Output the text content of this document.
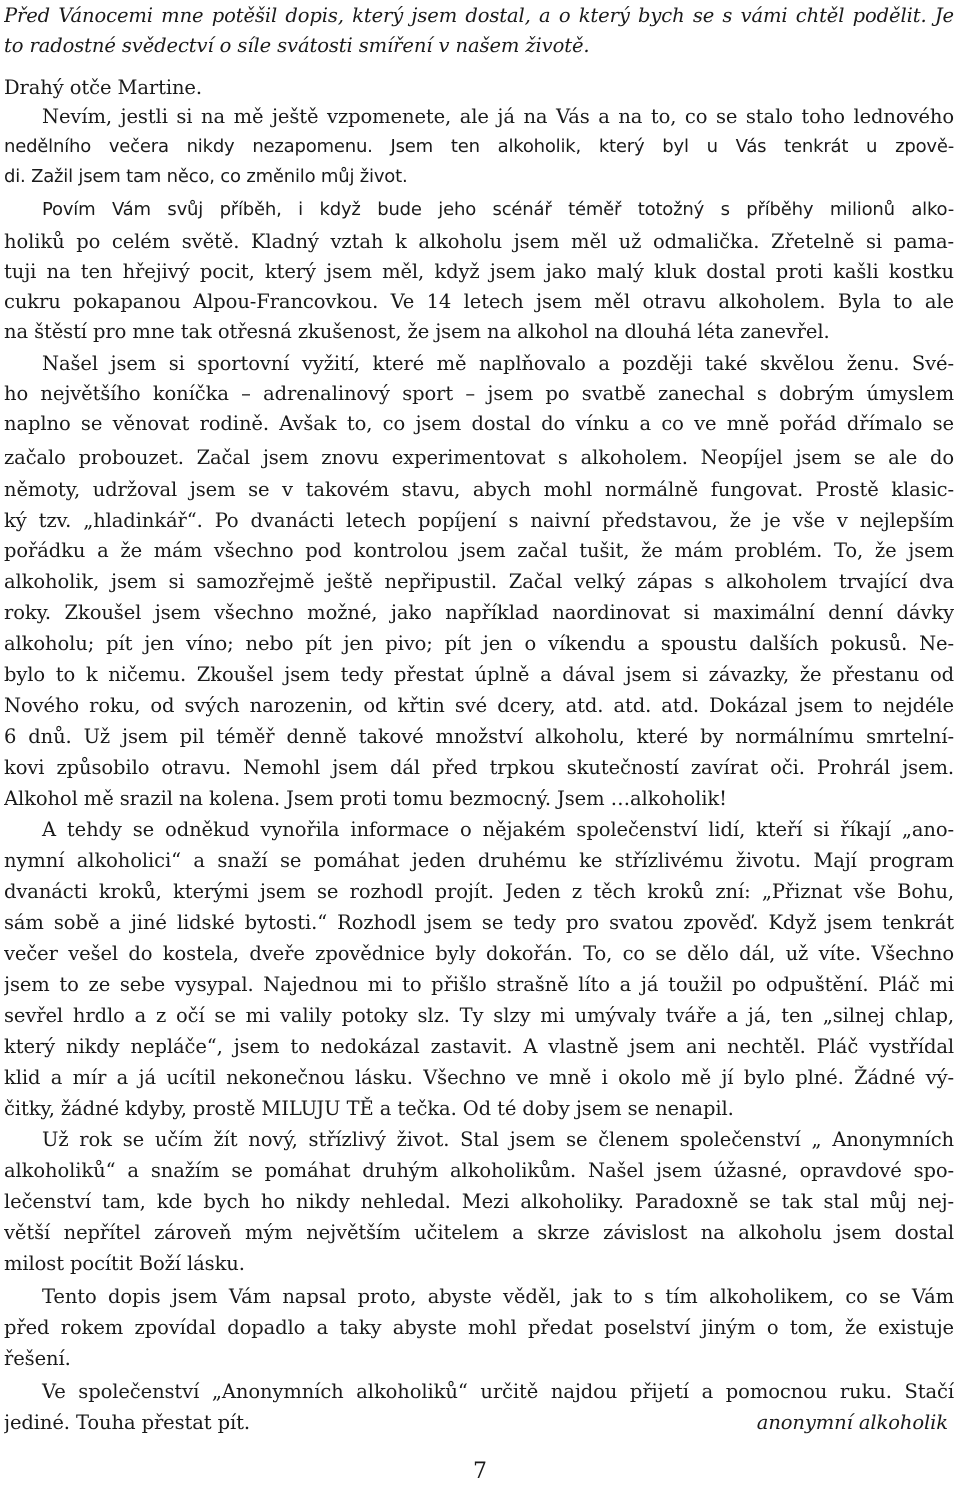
Před Vánocemi mne potěšil dopis, který jsem dostal, a o který bych se s vámi chtěl podělit. Je
to radostné svědectví o síle svátosti smíření v našem životě.
Drahý otče Martine.
Nevím, jestli si na mě ještě vzpomenete, ale já na Vás a na to, co se stalo toho lednového
nedělního večera nikdy nezapomenu. Jsem ten alkoholik, který byl u Vás tenkrát u zpově-
di. Zažil jsem tam něco, co změnilo můj život.
Povím Vám svůj příběh, i když bude jeho scénář téměř totožný s příběhy milionů alko-
holiků po celém světě. Kladný vztah k alkoholu jsem měl už odmalička. Zřetelně si pama-
tuji na ten hřejivý pocit, který jsem měl, když jsem jako malý kluk dostal proti kašli kostku
cukru pokapanou Alpou-Francovkou. Ve 14 letech jsem měl otravu alkoholem. Byla to ale
na štěstí pro mne tak otřesná zkušenost, že jsem na alkohol na dlouhá léta zanevřel.
Našel jsem si sportovní vyžití, které mě naplňovalo a později také skvělou ženu. Své-
ho největšího koníčka – adrenalinový sport – jsem po svatbě zanechal s dobrým úmyslem
naplno se věnovat rodině. Avšak to, co jsem dostal do vínku a co ve mně pořád dřímalo se
začalo probouzet. Začal jsem znovu experimentovat s alkoholem. Neopíjel jsem se ale do
němoty, udržoval jsem se v takovém stavu, abych mohl normálně fungovat. Prostě klasic-
ký tzv. „hladinkář“. Po dvanácti letech popíjení s naivní představou, že je vše v nejlepším
pořádku a že mám všechno pod kontrolou jsem začal tušit, že mám problém. To, že jsem
alkoholik, jsem si samozřejmě ještě nepřipustil. Začal velký zápas s alkoholem trvající dva
roky. Zkoušel jsem všechno možné, jako například naordinovat si maximální denní dávky
alkoholu; pít jen víno; nebo pít jen pivo; pít jen o víkendu a spoustu dalších pokusů. Ne-
bylo to k ničemu. Zkoušel jsem tedy přestat úplně a dával jsem si závazky, že přestanu od
Nového roku, od svých narozenin, od křtin své dcery, atd. atd. atd. Dokázal jsem to nejdéle
6 dnů. Už jsem pil téměř denně takové množství alkoholu, které by normálnímu smrtelní-
kovi způsobilo otravu. Nemohl jsem dál před trpkou skutečností zavírat oči. Prohrál jsem.
Alkohol mě srazil na kolena. Jsem proti tomu bezmocný. Jsem …alkoholik!
A tehdy se odněkud vynořila informace o nějakém společenství lidí, kteří si říkají „ano-
nymní alkoholici“ a snaží se pomáhat jeden druhému ke střízlivému životu. Mají program
dvanácti kroků, kterými jsem se rozhodl projít. Jeden z těch kroků zní: „Přiznat vše Bohu,
sám sobě a jiné lidské bytosti.“ Rozhodl jsem se tedy pro svatou zpověď. Když jsem tenkrát
večer vešel do kostela, dveře zpovědnice byly dokořán. To, co se dělo dál, už víte. Všechno
jsem to ze sebe vysypal. Najednou mi to přišlo strašně líto a já toužil po odpuštění. Pláč mi
sevřel hrdlo a z očí se mi valily potoky slz. Ty slzy mi umývaly tváře a já, ten „silnej chlap,
který nikdy nepláče“, jsem to nedokázal zastavit. A vlastně jsem ani nechtěl. Pláč vystřídal
klid a mír a já ucítil nekonečnou lásku. Všechno ve mně i okolo mě jí bylo plné. Žádné vý-
čitky, žádné kdyby, prostě MILUJU TĚ a tečka. Od té doby jsem se nenapil.
Už rok se učím žít nový, střízlivý život. Stal jsem se členem společenství „ Anonymních
alkoholiků“ a snažím se pomáhat druhým alkoholikům. Našel jsem úžasné, opravdové spo-
lečenství tam, kde bych ho nikdy nehledal. Mezi alkoholiky. Paradoxně se tak stal můj nej-
větší nepřítel zároveň mým největším učitelem a skrze závislost na alkoholu jsem dostal
milost pocítit Boží lásku.
Tento dopis jsem Vám napsal proto, abyste věděl, jak to s tím alkoholikem, co se Vám
před rokem zpovídal dopadlo a taky abyste mohl předat poselství jiným o tom, že existuje
řešení.
Ve společenství „Anonymních alkoholiků“ určitě najdou přijetí a pomocnou ruku. Stačí
jediné. Touha přestat pít.	anonymní alkoholik
7
